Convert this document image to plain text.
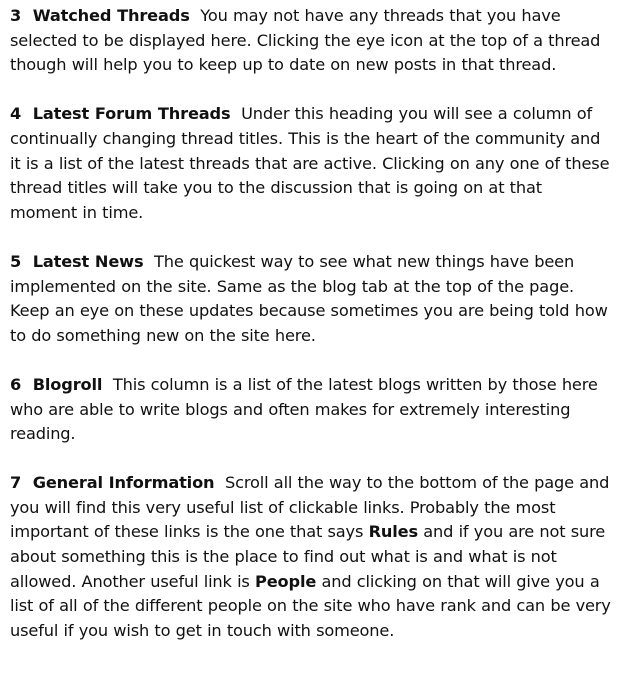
3 Watched Threads You may not have any threads that you have selected to be displayed here. Clicking the eye icon at the top of a thread though will help you to keep up to date on new posts in that thread.

4 Latest Forum Threads Under this heading you will see a column of continually changing thread titles. This is the heart of the community and it is a list of the latest threads that are active. Clicking on any one of these thread titles will take you to the discussion that is going on at that moment in time.

5 Latest News The quickest way to see what new things have been implemented on the site. Same as the blog tab at the top of the page. Keep an eye on these updates because sometimes you are being told how to do something new on the site here.

6 Blogroll This column is a list of the latest blogs written by those here who are able to write blogs and often makes for extremely interesting reading.

7 General Information Scroll all the way to the bottom of the page and you will find this very useful list of clickable links. Probably the most important of these links is the one that says Rules and if you are not sure about something this is the place to find out what is and what is not allowed. Another useful link is People and clicking on that will give you a list of all of the different people on the site who have rank and can be very useful if you wish to get in touch with someone.
